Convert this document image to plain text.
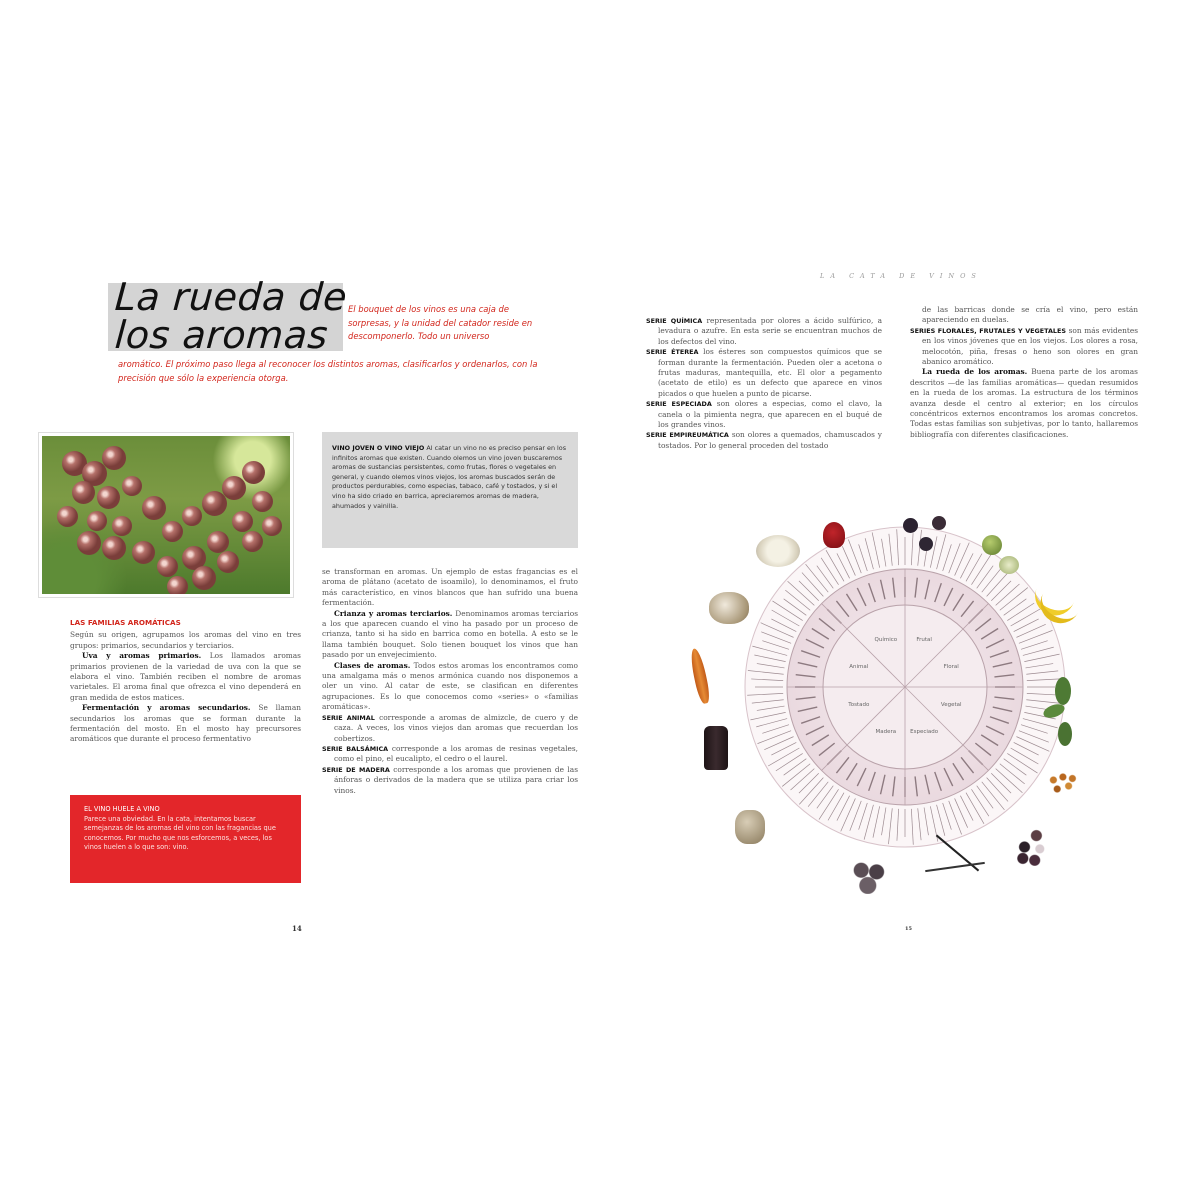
La rueda de
los aromas
El bouquet de los vinos es una caja de sorpresas, y la unidad del catador reside en descomponerlo. Todo un universo
aromático. El próximo paso llega al reconocer los distintos aromas, clasificarlos y ordenarlos, con la precisión que sólo la experiencia otorga.
VINO JOVEN O VINO VIEJO Al catar un vino no es preciso pensar en los infinitos aromas que existen. Cuando olemos un vino joven buscaremos aromas de sustancias persistentes, como frutas, flores o vegetales en general, y cuando olemos vinos viejos, los aromas buscados serán de productos perdurables, como especias, tabaco, café y tostados, y si el vino ha sido criado en barrica, apreciaremos aromas de madera, ahumados y vainilla.
LAS FAMILIAS AROMÁTICAS

Según su origen, agrupamos los aromas del vino en tres grupos: primarios, secundarios y terciarios.

Uva y aromas primarios. Los llamados aromas primarios provienen de la variedad de uva con la que se elabora el vino. También reciben el nombre de aromas varietales. El aroma final que ofrezca el vino dependerá en gran medida de estos matices.

Fermentación y aromas secundarios. Se llaman secundarios los aromas que se forman durante la fermentación del mosto. En el mosto hay precursores aromáticos que durante el proceso fermentativo

EL VINO HUELE A VINO
Parece una obviedad. En la cata, intentamos buscar semejanzas de los aromas del vino con las fragancias que conocemos. Por mucho que nos esforcemos, a veces, los vinos huelen a lo que son: vino.

se transforman en aromas. Un ejemplo de estas fragancias es el aroma de plátano (acetato de isoamilo), lo denominamos, el fruto más característico, en vinos blancos que han sufrido una buena fermentación.

Crianza y aromas terciarios. Denominamos aromas terciarios a los que aparecen cuando el vino ha pasado por un proceso de crianza, tanto si ha sido en barrica como en botella. A esto se le llama también bouquet. Solo tienen bouquet los vinos que han pasado por un envejecimiento.

Clases de aromas. Todos estos aromas los encontramos como una amalgama más o menos armónica cuando nos disponemos a oler un vino. Al catar de este, se clasifican en diferentes agrupaciones. Es lo que conocemos como «series» o «familias aromáticas».

SERIE ANIMAL corresponde a aromas de almizcle, de cuero y de caza. A veces, los vinos viejos dan aromas que recuerdan los cobertizos.

SERIE BALSÁMICA corresponde a los aromas de resinas vegetales, como el pino, el eucalipto, el cedro o el laurel.

SERIE DE MADERA corresponde a los aromas que provienen de las ánforas o derivados de la madera que se utiliza para criar los vinos.

14
LA CATA DE VINOS

SERIE QUÍMICA representada por olores a ácido sulfúrico, a levadura o azufre. En esta serie se encuentran muchos de los defectos del vino.

SERIE ÉTEREA los ésteres son compuestos químicos que se forman durante la fermentación. Pueden oler a acetona o frutas maduras, mantequilla, etc. El olor a pegamento (acetato de etilo) es un defecto que aparece en vinos picados o que huelen a punto de picarse.

SERIE ESPECIADA son olores a especias, como el clavo, la canela o la pimienta negra, que aparecen en el buqué de los grandes vinos.

SERIE EMPIREUMÁTICA son olores a quemados, chamuscados y tostados. Por lo general proceden del tostado

de las barricas donde se cría el vino, pero están apareciendo en duelas.

SERIES FLORALES, FRUTALES Y VEGETALES son más evidentes en los vinos jóvenes que en los viejos. Los olores a rosa, melocotón, piña, fresas o heno son olores en gran abanico aromático.

La rueda de los aromas. Buena parte de los aromas descritos —de las familias aromáticas— quedan resumidos en la rueda de los aromas. La estructura de los términos avanza desde el centro al exterior; en los círculos concéntricos externos encontramos los aromas concretos. Todas estas familias son subjetivas, por lo tanto, hallaremos bibliografía con diferentes clasificaciones.

Frutal
Floral
Vegetal
Especiado
Madera
Tostado
Animal
Químico
15
